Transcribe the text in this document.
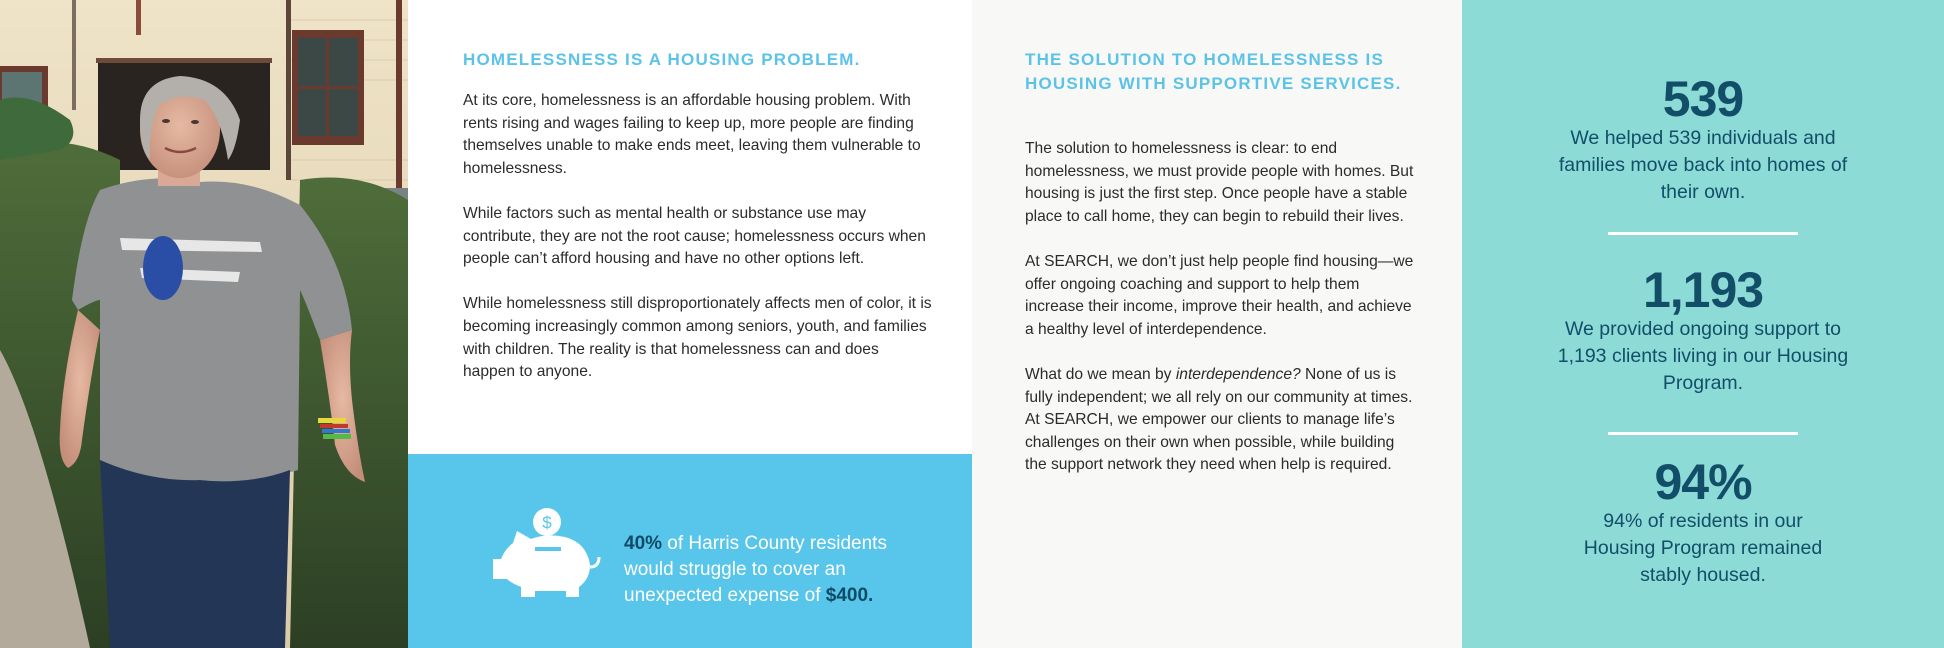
HOMELESSNESS IS A HOUSING PROBLEM.

At its core, homelessness is an affordable housing problem. With rents rising and wages failing to keep up, more people are finding themselves unable to make ends meet, leaving them vulnerable to homelessness.

While factors such as mental health or substance use may contribute, they are not the root cause; homelessness occurs when people can’t afford housing and have no other options left.

While homelessness still disproportionately affects men of color, it is becoming increasingly common among seniors, youth, and families with children. The reality is that homelessness can and does happen to anyone.

$

40% of Harris County residents would struggle to cover an unexpected expense of $400.

THE SOLUTION TO HOMELESSNESS IS HOUSING WITH SUPPORTIVE SERVICES.

The solution to homelessness is clear: to end homelessness, we must provide people with homes. But housing is just the first step. Once people have a stable place to call home, they can begin to rebuild their lives.

At SEARCH, we don’t just help people find housing—we offer ongoing coaching and support to help them increase their income, improve their health, and achieve a healthy level of interdependence.

What do we mean by interdependence? None of us is fully independent; we all rely on our community at times. At SEARCH, we empower our clients to manage life’s challenges on their own when possible, while building the support network they need when help is required.

539
We helped 539 individuals and families move back into homes of their own.
1,193
We provided ongoing support to 1,193 clients living in our Housing Program.
94%
94% of residents in our Housing Program remained stably housed.
